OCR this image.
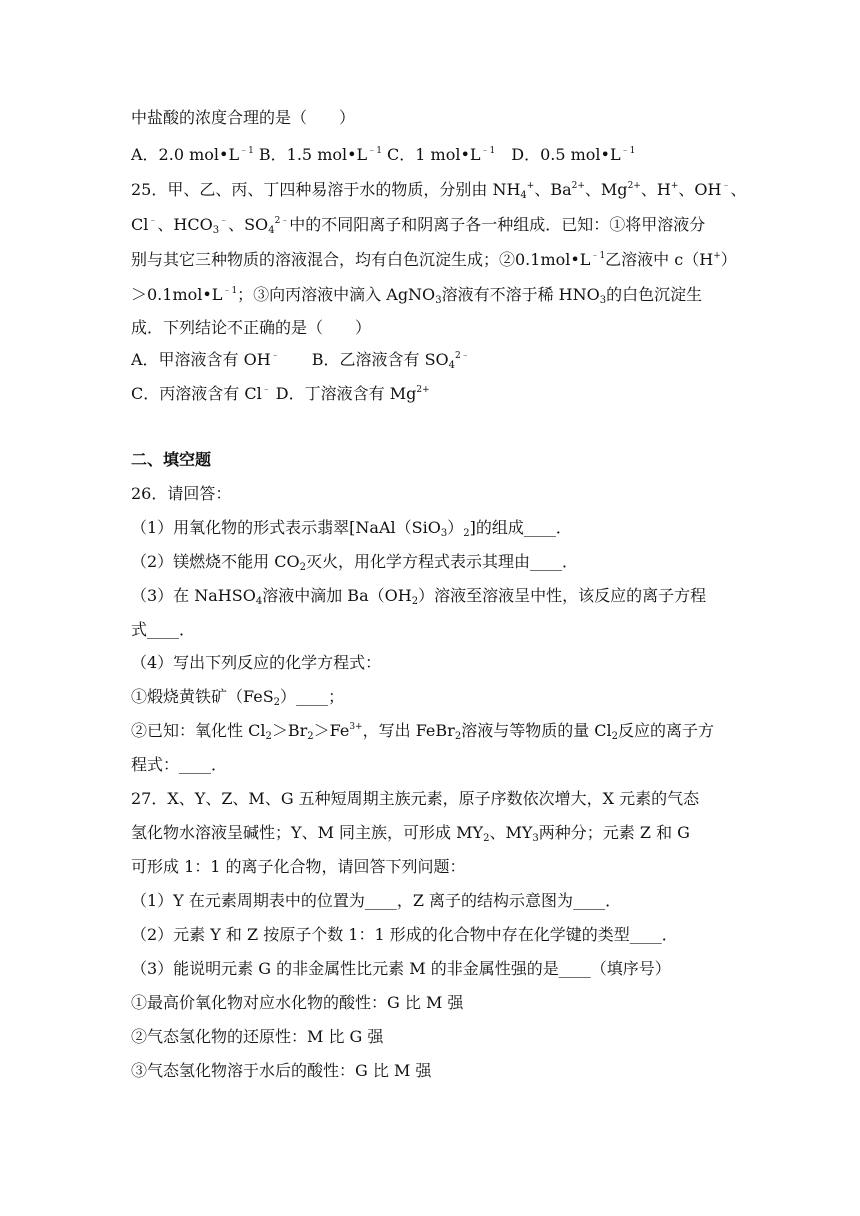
中盐酸的浓度合理的是（　　）
A．2.0 $mol•L^{﹣1}$ B．1.5 $mol•L^{﹣1}$ C．1 $mol•L^{﹣1}$　D．0.5 $mol•L^{﹣1}$
25．甲、乙、丙、丁四种易溶于水的物质，分别由 $NH_4^+$、$Ba^{2+}$、$Mg^{2+}$、H+、OH﹣、
Cl﹣、$HCO_3^﹣$、$SO_4^{2﹣}$中的不同阳离子和阴离子各一种组成．已知：①将甲溶液分
别与其它三种物质的溶液混合，均有白色沉淀生成；$②0.1mol•L^{﹣1}$乙溶液中 c（H+）
$>0.1mol•L^{﹣1}$；③向丙溶液中滴入 AgNO$_3$溶液有不溶于稀 $HNO_3$的白色沉淀生
成．下列结论不正确的是（　　）
A．甲溶液含有 OH﹣　　B．乙溶液含有 $SO_4^{2﹣}$
C．丙溶液含有 Cl﹣ D．丁溶液含有 $Mg^{2+}$
二、填空题
26．请回答：
（1）用氧化物的形式表示翡翠$[NaAl(SiO_3)_2]$的组成____．
（2）镁燃烧不能用 $CO_2$灭火，用化学方程式表示其理由____．
（3）在 NaHSO$_4$溶液中滴加 $Ba(OH_2)$溶液至溶液呈中性，该反应的离子方程
式____．
（4）写出下列反应的化学方程式：
①煅烧黄铁矿（FeS$_2$）____；
②已知：氧化性 $Cl_2>Br_2>Fe^{3+}$，写出 FeBr$_2$溶液与等物质的量 $Cl_2$反应的离子方
程式：____．
27．X、Y、Z、M、G 五种短周期主族元素，原子序数依次增大，X 元素的气态
氢化物水溶液呈碱性；Y、M 同主族，可形成 $MY_2$、$MY_3$两种分；元素 Z 和 G
可形成 1：1 的离子化合物，请回答下列问题：
（1）Y 在元素周期表中的位置为____，Z 离子的结构示意图为____．
（2）元素 Y 和 Z 按原子个数 1：1 形成的化合物中存在化学键的类型____．
（3）能说明元素 G 的非金属性比元素 M 的非金属性强的是____（填序号）
①最高价氧化物对应水化物的酸性：G 比 M 强
②气态氢化物的还原性：M 比 G 强
③气态氢化物溶于水后的酸性：G 比 M 强
